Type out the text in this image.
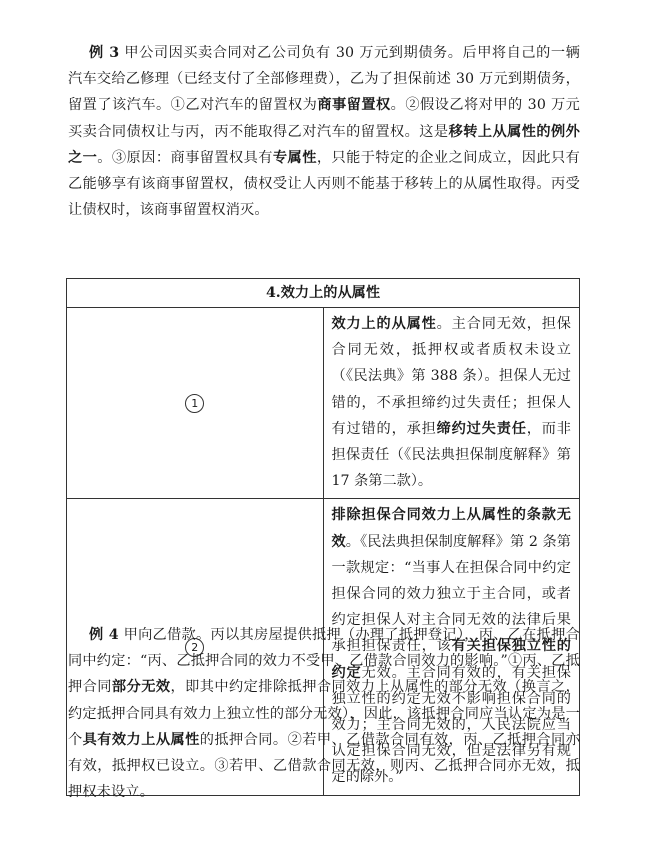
例 3 甲公司因买卖合同对乙公司负有 30 万元到期债务。后甲将自己的一辆汽车交给乙修理（已经支付了全部修理费），乙为了担保前述 30 万元到期债务，留置了该汽车。①乙对汽车的留置权为商事留置权。②假设乙将对甲的 30 万元买卖合同债权让与丙，丙不能取得乙对汽车的留置权。这是移转上从属性的例外之一。③原因：商事留置权具有专属性，只能于特定的企业之间成立，因此只有乙能够享有该商事留置权，债权受让人丙则不能基于移转上的从属性取得。丙受让债权时，该商事留置权消灭。
4.效力上的从属性	
1	效力上的从属性。主合同无效，担保合同无效，抵押权或者质权未设立（《民法典》第 388 条）。担保人无过错的，不承担缔约过失责任；担保人有过错的，承担缔约过失责任，而非担保责任（《民法典担保制度解释》第 17 条第二款）。
2	排除担保合同效力上从属性的条款无效。《民法典担保制度解释》第 2 条第一款规定：“当事人在担保合同中约定担保合同的效力独立于主合同，或者约定担保人对主合同无效的法律后果承担担保责任，该有关担保独立性的约定无效。主合同有效的，有关担保独立性的约定无效不影响担保合同的效力；主合同无效的，人民法院应当认定担保合同无效，但是法律另有规定的除外。”
例 4 甲向乙借款。丙以其房屋提供抵押（办理了抵押登记），丙、乙在抵押合同中约定：“丙、乙抵押合同的效力不受甲、乙借款合同效力的影响。”①丙、乙抵押合同部分无效，即其中约定排除抵押合同效力上从属性的部分无效（换言之，约定抵押合同具有效力上独立性的部分无效），因此，该抵押合同应当认定为是一个具有效力上从属性的抵押合同。②若甲、乙借款合同有效，丙、乙抵押合同亦有效，抵押权已设立。③若甲、乙借款合同无效，则丙、乙抵押合同亦无效，抵押权未设立。
